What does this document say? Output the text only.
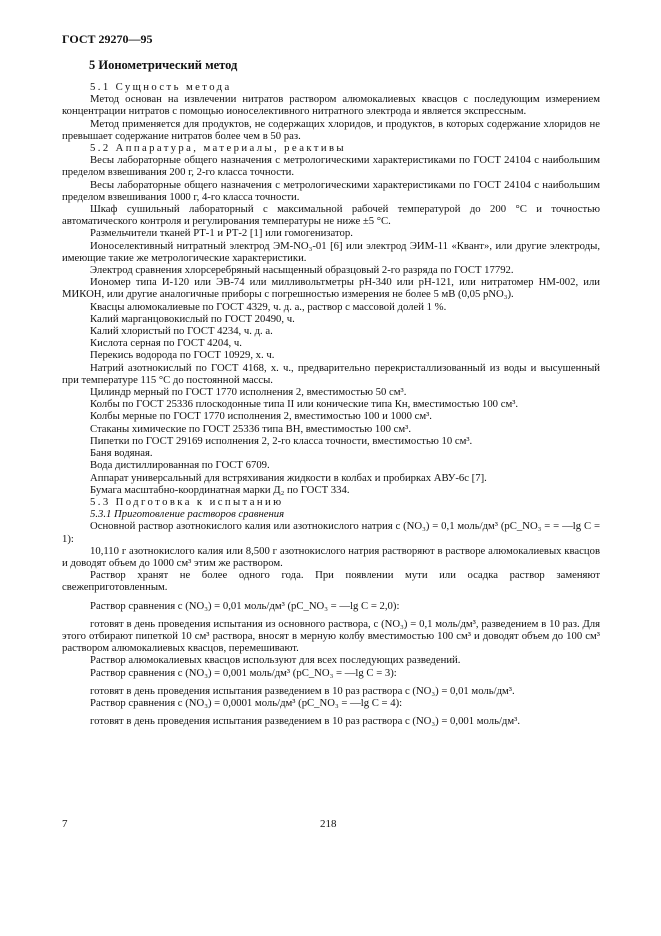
ГОСТ 29270—95
5 Ионометрический метод

5.1 Сущность метода

Метод основан на извлечении нитратов раствором алюмокалиевых квасцов с последующим измерением концентрации нитратов с помощью ионоселективного нитратного электрода и является экспрессным.

Метод применяется для продуктов, не содержащих хлоридов, и продуктов, в которых содержание хлоридов не превышает содержание нитратов более чем в 50 раз.

5.2 Аппаратура, материалы, реактивы

Весы лабораторные общего назначения с метрологическими характеристиками по ГОСТ 24104 с наибольшим пределом взвешивания 200 г, 2-го класса точности.

Весы лабораторные общего назначения с метрологическими характеристиками по ГОСТ 24104 с наибольшим пределом взвешивания 1000 г, 4-го класса точности.

Шкаф сушильный лабораторный с максимальной рабочей температурой до 200 °С и точностью автоматического контроля и регулирования температуры не ниже ±5 °С.

Размельчители тканей РТ-1 и РТ-2 [1] или гомогенизатор.

Ионоселективный нитратный электрод ЭМ-NO₃-01 [6] или электрод ЭИМ-11 «Квант», или другие электроды, имеющие такие же метрологические характеристики.

Электрод сравнения хлорсеребряный насыщенный образцовый 2-го разряда по ГОСТ 17792.

Иономер типа И-120 или ЭВ-74 или милливольтметры рН-340 или рН-121, или нитратомер НМ-002, или МИКОН, или другие аналогичные приборы с погрешностью измерения не более 5 мВ (0,05 pNO₃).

Квасцы алюмокалиевые по ГОСТ 4329, ч. д. а., раствор с массовой долей 1 %.

Калий марганцовокислый по ГОСТ 20490, ч.

Калий хлористый по ГОСТ 4234, ч. д. а.

Кислота серная по ГОСТ 4204, ч.

Перекись водорода по ГОСТ 10929, х. ч.

Натрий азотнокислый по ГОСТ 4168, х. ч., предварительно перекристаллизованный из воды и высушенный при температуре 115 °С до постоянной массы.

Цилиндр мерный по ГОСТ 1770 исполнения 2, вместимостью 50 см³.

Колбы по ГОСТ 25336 плоскодонные типа II или конические типа Кн, вместимостью 100 см³.

Колбы мерные по ГОСТ 1770 исполнения 2, вместимостью 100 и 1000 см³.

Стаканы химические по ГОСТ 25336 типа ВН, вместимостью 100 см³.

Пипетки по ГОСТ 29169 исполнения 2, 2-го класса точности, вместимостью 10 см³.

Баня водяная.

Вода дистиллированная по ГОСТ 6709.

Аппарат универсальный для встряхивания жидкости в колбах и пробирках АВУ-6с [7].

Бумага масштабно-координатная марки Д₂ по ГОСТ 334.

5.3 Подготовка к испытанию

5.3.1 Приготовление растворов сравнения

Основной раствор азотнокислого калия или азотнокислого натрия c (NO₃) = 0,1 моль/дм³ (pC_NO₃ = = —lg C = 1):

10,110 г азотнокислого калия или 8,500 г азотнокислого натрия растворяют в растворе алюмокалиевых квасцов и доводят объем до 1000 см³ этим же раствором.

Раствор хранят не более одного года. При появлении мути или осадка раствор заменяют свежеприготовленным.

Раствор сравнения c (NO₃) = 0,01 моль/дм³ (pC_NO₃ = —lg C = 2,0):

готовят в день проведения испытания из основного раствора, c (NO₃) = 0,1 моль/дм³, разведением в 10 раз. Для этого отбирают пипеткой 10 см³ раствора, вносят в мерную колбу вместимостью 100 см³ и доводят объем до 100 см³ раствором алюмокалиевых квасцов, перемешивают.

Раствор алюмокалиевых квасцов используют для всех последующих разведений.

Раствор сравнения c (NO₃) = 0,001 моль/дм³ (pC_NO₃ = —lg C = 3):

готовят в день проведения испытания разведением в 10 раз раствора c (NO₃) = 0,01 моль/дм³.

Раствор сравнения c (NO₃) = 0,0001 моль/дм³ (pC_NO₃ = —lg C = 4):

готовят в день проведения испытания разведением в 10 раз раствора c (NO₃) = 0,001 моль/дм³.

7	218
